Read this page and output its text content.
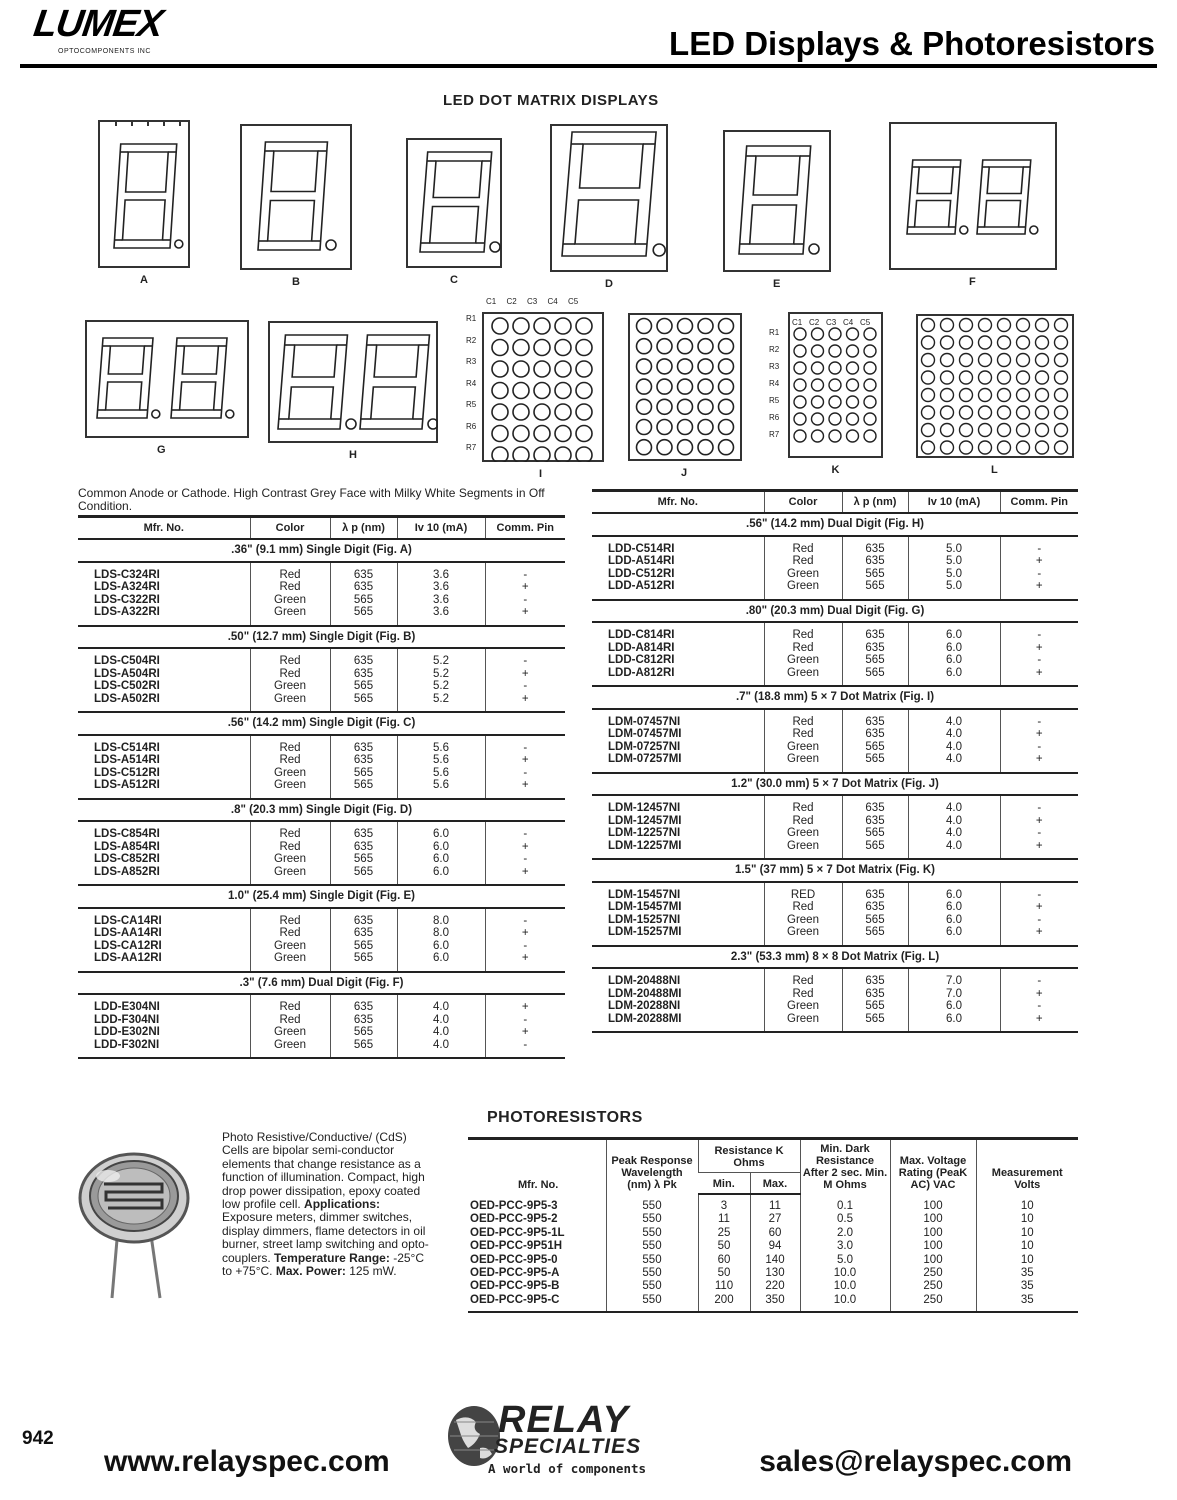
LUMEX
OPTOCOMPONENTS INC	LED Displays & Photoresistors
LED DOT MATRIX DISPLAYS
A	B	C	D	E	F
G	H
I
C1 C2 C3 C4 C5
R1
R2
R3
R4
R5
R6
R7
J	K
C1 C2 C3 C4 C5
R1
R2
R3
R4
R5
R6
R7
L
Common Anode or Cathode. High Contrast Grey Face with Milky White Segments in Off Condition.
Mfr. No.	Color	λ p (nm)	Iv 10 (mA)	Comm. Pin
.36" (9.1 mm) Single Digit (Fig. A)				
LDS-C324RI	Red	635	3.6	-
LDS-A324RI	Red	635	3.6	+
LDS-C322RI	Green	565	3.6	-
LDS-A322RI	Green	565	3.6	+
.50" (12.7 mm) Single Digit (Fig. B)				
LDS-C504RI	Red	635	5.2	-
LDS-A504RI	Red	635	5.2	+
LDS-C502RI	Green	565	5.2	-
LDS-A502RI	Green	565	5.2	+
.56" (14.2 mm) Single Digit (Fig. C)				
LDS-C514RI	Red	635	5.6	-
LDS-A514RI	Red	635	5.6	+
LDS-C512RI	Green	565	5.6	-
LDS-A512RI	Green	565	5.6	+
.8" (20.3 mm) Single Digit (Fig. D)				
LDS-C854RI	Red	635	6.0	-
LDS-A854RI	Red	635	6.0	+
LDS-C852RI	Green	565	6.0	-
LDS-A852RI	Green	565	6.0	+
1.0" (25.4 mm) Single Digit (Fig. E)				
LDS-CA14RI	Red	635	8.0	-
LDS-AA14RI	Red	635	8.0	+
LDS-CA12RI	Green	565	6.0	-
LDS-AA12RI	Green	565	6.0	+
.3" (7.6 mm) Dual Digit (Fig. F)				
LDD-E304NI	Red	635	4.0	+
LDD-F304NI	Red	635	4.0	-
LDD-E302NI	Green	565	4.0	+
LDD-F302NI	Green	565	4.0	-
Mfr. No.	Color	λ p (nm)	Iv 10 (mA)	Comm. Pin
.56" (14.2 mm) Dual Digit (Fig. H)				
LDD-C514RI	Red	635	5.0	-
LDD-A514RI	Red	635	5.0	+
LDD-C512RI	Green	565	5.0	-
LDD-A512RI	Green	565	5.0	+
.80" (20.3 mm) Dual Digit (Fig. G)				
LDD-C814RI	Red	635	6.0	-
LDD-A814RI	Red	635	6.0	+
LDD-C812RI	Green	565	6.0	-
LDD-A812RI	Green	565	6.0	+
.7" (18.8 mm) 5 × 7 Dot Matrix (Fig. I)				
LDM-07457NI	Red	635	4.0	-
LDM-07457MI	Red	635	4.0	+
LDM-07257NI	Green	565	4.0	-
LDM-07257MI	Green	565	4.0	+
1.2" (30.0 mm) 5 × 7 Dot Matrix (Fig. J)				
LDM-12457NI	Red	635	4.0	-
LDM-12457MI	Red	635	4.0	+
LDM-12257NI	Green	565	4.0	-
LDM-12257MI	Green	565	4.0	+
1.5" (37 mm) 5 × 7 Dot Matrix (Fig. K)				
LDM-15457NI	RED	635	6.0	-
LDM-15457MI	Red	635	6.0	+
LDM-15257NI	Green	565	6.0	-
LDM-15257MI	Green	565	6.0	+
2.3" (53.3 mm) 8 × 8 Dot Matrix (Fig. L)				
LDM-20488NI	Red	635	7.0	-
LDM-20488MI	Red	635	7.0	+
LDM-20288NI	Green	565	6.0	-
LDM-20288MI	Green	565	6.0	+
PHOTORESISTORS
Photo Resistive/Conductive/ (CdS) Cells are bipolar semi-conductor elements that change resistance as a function of illumination. Compact, high drop power dissipation, epoxy coated low profile cell. Applications: Exposure meters, dimmer switches, display dimmers, flame detectors in oil burner, street lamp switching and opto-couplers. Temperature Range: -25°C to +75°C. Max. Power: 125 mW.
Mfr. No.	Peak Response Wavelength (nm) λ Pk	Resistance K Ohms		Min. Dark Resistance After 2 sec. Min. M Ohms	Max. Voltage Rating (PeaK AC) VAC	Measurement Volts
		Min.	Max.			
OED-PCC-9P5-3	550	3	11	0.1	100	10
OED-PCC-9P5-2	550	11	27	0.5	100	10
OED-PCC-9P5-1L	550	25	60	2.0	100	10
OED-PCC-9P51H	550	50	94	3.0	100	10
OED-PCC-9P5-0	550	60	140	5.0	100	10
OED-PCC-9P5-A	550	50	130	10.0	250	35
OED-PCC-9P5-B	550	110	220	10.0	250	35
OED-PCC-9P5-C	550	200	350	10.0	250	35
942
www.relayspec.com
RELAY
SPECIALTIES
A world of components	sales@relayspec.com
